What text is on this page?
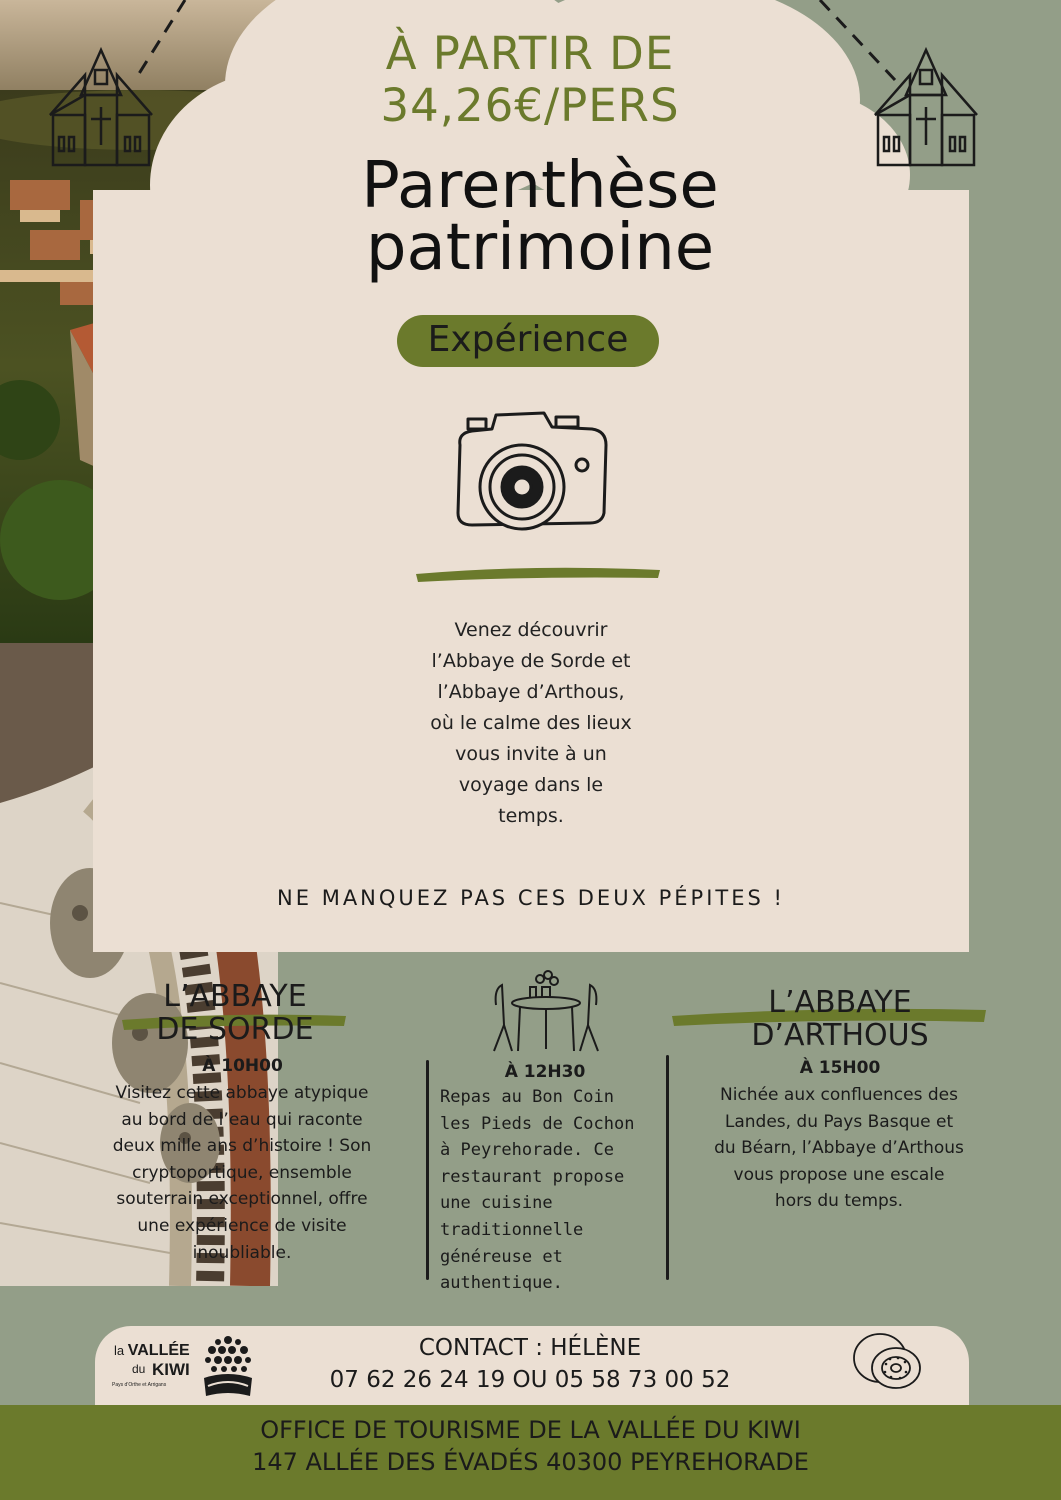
À PARTIR DE
34,26€/PERS
Parenthèse
patrimoine
Expérience
Venez découvrir
l’Abbaye de Sorde et
l’Abbaye d’Arthous,
où le calme des lieux
vous invite à un
voyage dans le
temps.
NE MANQUEZ PAS CES DEUX PÉPITES !
L’ABBAYE
DE SORDE
À 10H00
Visitez cette abbaye atypique
au bord de l’eau qui raconte
deux mille ans d’histoire ! Son
cryptoportique, ensemble
souterrain exceptionnel, offre
une expérience de visite
inoubliable.
À 12H30
Repas au Bon Coin
les Pieds de Cochon
à Peyrehorade. Ce
restaurant propose
une cuisine
traditionnelle
généreuse et
authentique.
L’ABBAYE
D’ARTHOUS
À 15H00
Nichée aux confluences des
Landes, du Pays Basque et
du Béarn, l’Abbaye d’Arthous
vous propose une escale
hors du temps.
la VALLÉE
du KIWI
Pays d’Orthe et Arrigans
CONTACT : HÉLÈNE
07 62 26 24 19 OU 05 58 73 00 52
OFFICE DE TOURISME DE LA VALLÉE DU KIWI
147 ALLÉE DES ÉVADÉS 40300 PEYREHORADE
